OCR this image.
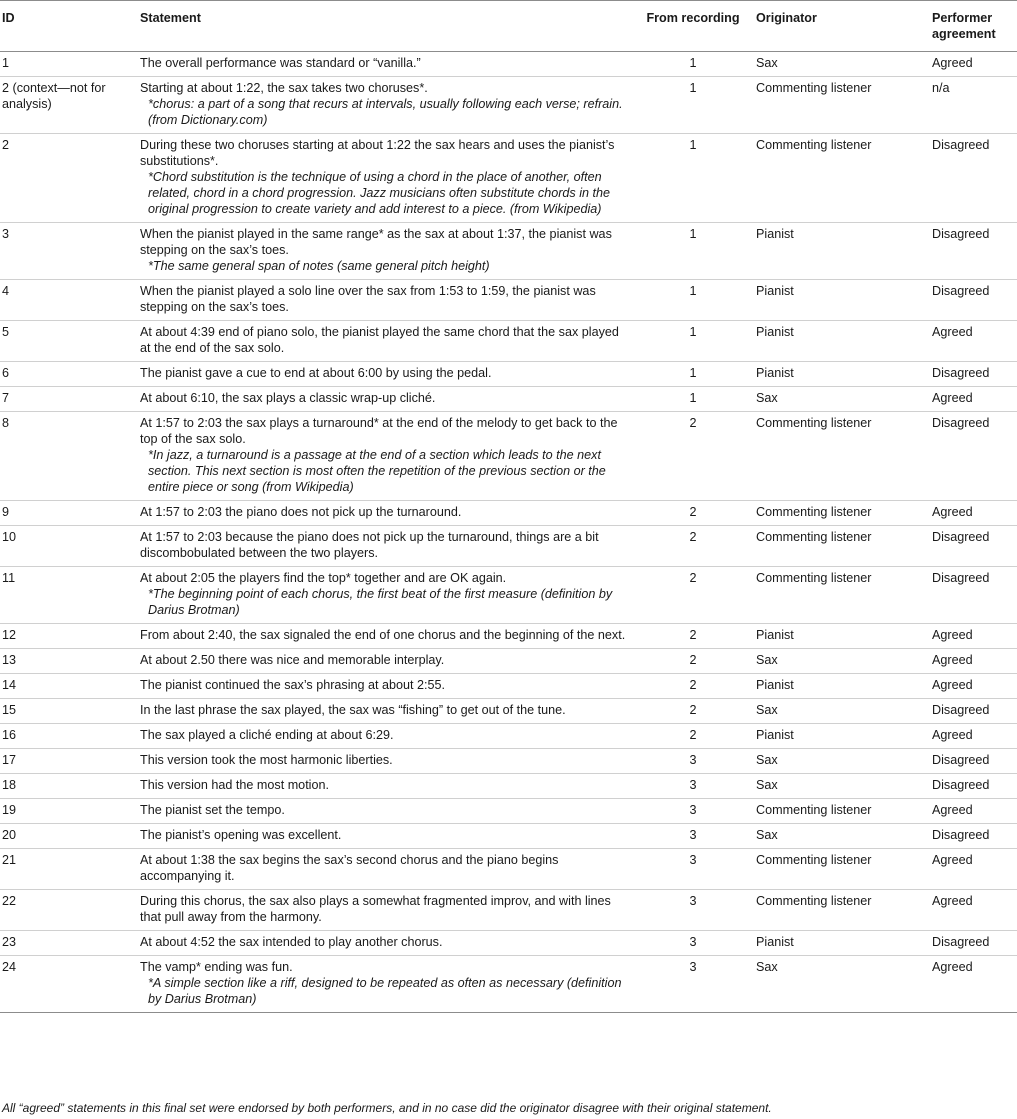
ID	Statement	From recording	Originator	Performer agreement
1	The overall performance was standard or “vanilla.”	1	Sax	Agreed
2 (context—not for analysis)	Starting at about 1:22, the sax takes two choruses*.
*chorus: a part of a song that recurs at intervals, usually following each verse; refrain. (from Dictionary.com)	1	Commenting listener	n/a
2	During these two choruses starting at about 1:22 the sax hears and uses the pianist’s substitutions*.
*Chord substitution is the technique of using a chord in the place of another, often related, chord in a chord progression. Jazz musicians often substitute chords in the original progression to create variety and add interest to a piece. (from Wikipedia)	1	Commenting listener	Disagreed
3	When the pianist played in the same range* as the sax at about 1:37, the pianist was stepping on the sax’s toes.
*The same general span of notes (same general pitch height)	1	Pianist	Disagreed
4	When the pianist played a solo line over the sax from 1:53 to 1:59, the pianist was stepping on the sax’s toes.	1	Pianist	Disagreed
5	At about 4:39 end of piano solo, the pianist played the same chord that the sax played at the end of the sax solo.	1	Pianist	Agreed
6	The pianist gave a cue to end at about 6:00 by using the pedal.	1	Pianist	Disagreed
7	At about 6:10, the sax plays a classic wrap-up cliché.	1	Sax	Agreed
8	At 1:57 to 2:03 the sax plays a turnaround* at the end of the melody to get back to the top of the sax solo.
*In jazz, a turnaround is a passage at the end of a section which leads to the next section. This next section is most often the repetition of the previous section or the entire piece or song (from Wikipedia)	2	Commenting listener	Disagreed
9	At 1:57 to 2:03 the piano does not pick up the turnaround.	2	Commenting listener	Agreed
10	At 1:57 to 2:03 because the piano does not pick up the turnaround, things are a bit discombobulated between the two players.	2	Commenting listener	Disagreed
11	At about 2:05 the players find the top* together and are OK again.
*The beginning point of each chorus, the first beat of the first measure (definition by Darius Brotman)	2	Commenting listener	Disagreed
12	From about 2:40, the sax signaled the end of one chorus and the beginning of the next.	2	Pianist	Agreed
13	At about 2.50 there was nice and memorable interplay.	2	Sax	Agreed
14	The pianist continued the sax’s phrasing at about 2:55.	2	Pianist	Agreed
15	In the last phrase the sax played, the sax was “fishing” to get out of the tune.	2	Sax	Disagreed
16	The sax played a cliché ending at about 6:29.	2	Pianist	Agreed
17	This version took the most harmonic liberties.	3	Sax	Disagreed
18	This version had the most motion.	3	Sax	Disagreed
19	The pianist set the tempo.	3	Commenting listener	Agreed
20	The pianist’s opening was excellent.	3	Sax	Disagreed
21	At about 1:38 the sax begins the sax’s second chorus and the piano begins accompanying it.	3	Commenting listener	Agreed
22	During this chorus, the sax also plays a somewhat fragmented improv, and with lines that pull away from the harmony.	3	Commenting listener	Agreed
23	At about 4:52 the sax intended to play another chorus.	3	Pianist	Disagreed
24	The vamp* ending was fun.
*A simple section like a riff, designed to be repeated as often as necessary (definition by Darius Brotman)	3	Sax	Agreed
All “agreed” statements in this final set were endorsed by both performers, and in no case did the originator disagree with their original statement.
